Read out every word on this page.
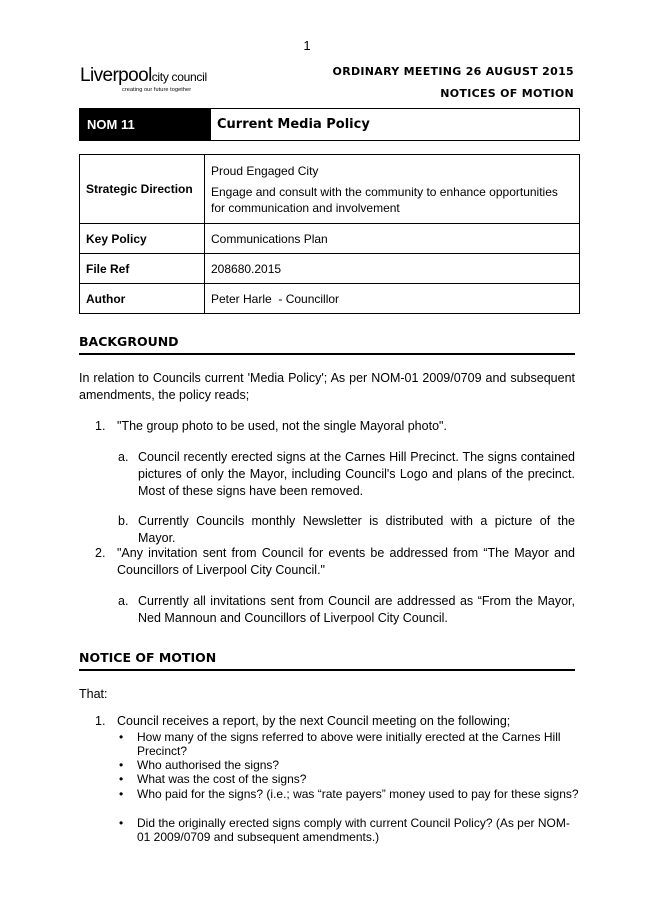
1
Liverpoolcity council
creating our future together
ORDINARY MEETING 26 AUGUST 2015
NOTICES OF MOTION
NOM 11	Current Media Policy
Strategic Direction	Proud Engaged City
Engage and consult with the community to enhance opportunities for communication and involvement

Key Policy	Communications Plan
File Ref	208680.2015
Author	Peter Harle  - Councillor
BACKGROUND
In relation to Councils current 'Media Policy'; As per NOM-01 2009/0709 and subsequent amendments, the policy reads;
1. "The group photo to be used, not the single Mayoral photo".
a. Council recently erected signs at the Carnes Hill Precinct. The signs contained pictures of only the Mayor, including Council's Logo and plans of the precinct. Most of these signs have been removed.
b. Currently Councils monthly Newsletter is distributed with a picture of the Mayor.
2. "Any invitation sent from Council for events be addressed from “The Mayor and Councillors of Liverpool City Council."
a. Currently all invitations sent from Council are addressed as “From the Mayor, Ned Mannoun and Councillors of Liverpool City Council.
NOTICE OF MOTION
That:
1. Council receives a report, by the next Council meeting on the following;
•	How many of the signs referred to above were initially erected at the Carnes Hill Precinct?
•	Who authorised the signs?
•	What was the cost of the signs?
•	Who paid for the signs? (i.e.; was “rate payers” money used to pay for these signs?
•	Did the originally erected signs comply with current Council Policy? (As per NOM-01 2009/0709 and subsequent amendments.)
